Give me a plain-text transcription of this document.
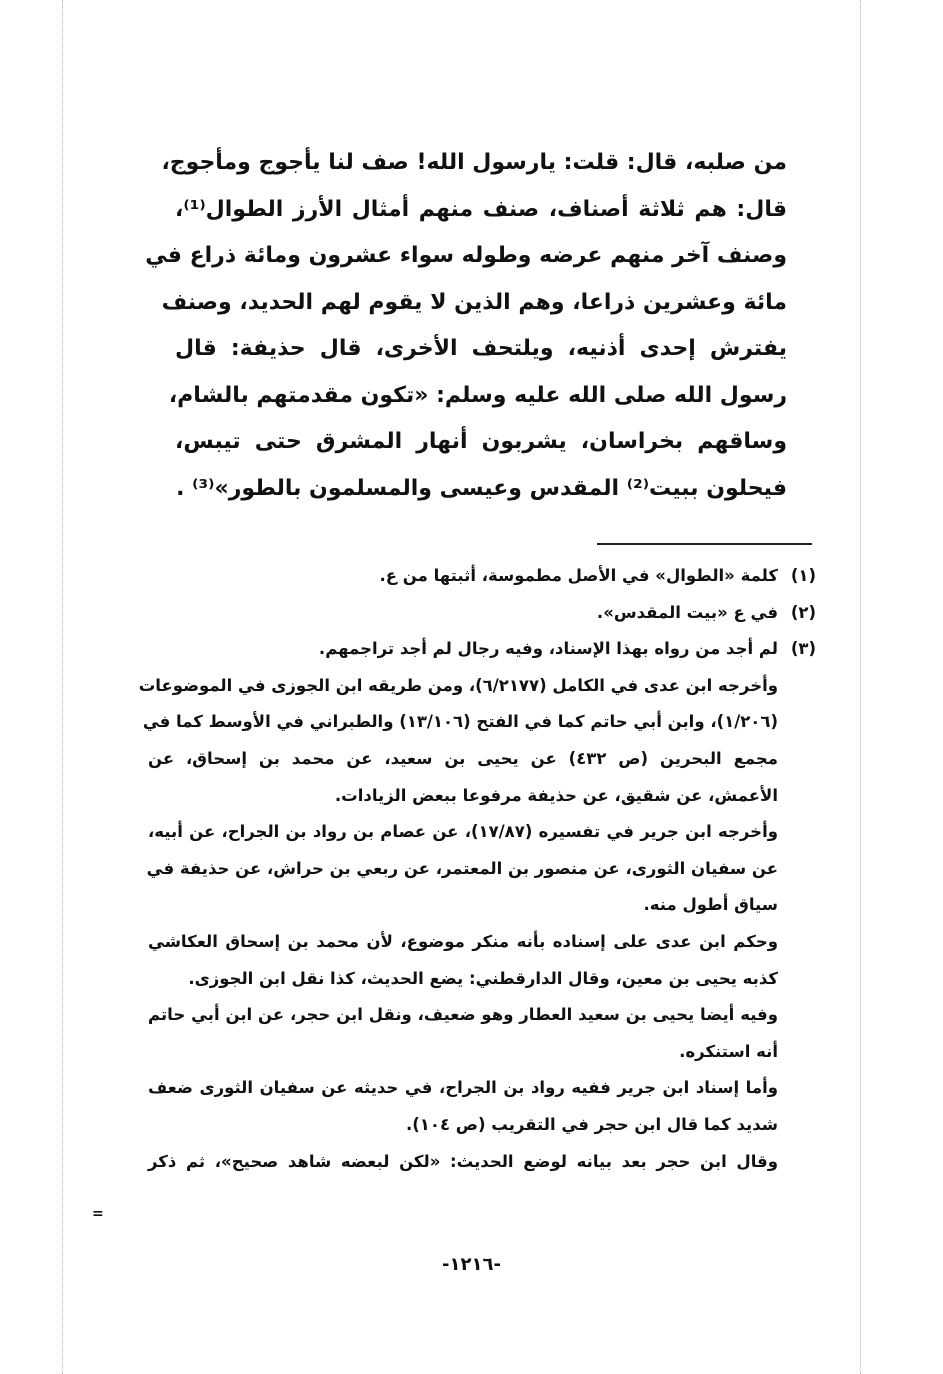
من صلبه، قال: قلت: يارسول الله! صف لنا يأجوج ومأجوج،
قال: هم ثلاثة أصناف، صنف منهم أمثال الأرز الطوال⁽¹⁾،
وصنف آخر منهم عرضه وطوله سواء عشرون ومائة ذراع في
مائة وعشرين ذراعا، وهم الذين لا يقوم لهم الحديد، وصنف
يفترش إحدى أذنيه، ويلتحف الأخرى، قال حذيفة: قال
رسول الله صلى الله عليه وسلم: «تكون مقدمتهم بالشام،
وساقهم بخراسان، يشربون أنهار المشرق حتى تيبس،
فيحلون ببيت⁽²⁾ المقدس وعيسى والمسلمون بالطور»⁽³⁾ .
(١)كلمة «الطوال» في الأصل مطموسة، أثبتها من ع.
(٢)في ع «بيت المقدس».
(٣)لم أجد من رواه بهذا الإسناد، وفيه رجال لم أجد تراجمهم.
وأخرجه ابن عدى في الكامل (٦/٢١٧٧)، ومن طريقه ابن الجوزى في الموضوعات
(١/٢٠٦)، وابن أبي حاتم كما في الفتح (١٣/١٠٦) والطبراني في الأوسط كما في
مجمع البحرين (ص ٤٣٢) عن يحيى بن سعيد، عن محمد بن إسحاق، عن
الأعمش، عن شقيق، عن حذيفة مرفوعا ببعض الزيادات.
وأخرجه ابن جرير في تفسيره (١٧/٨٧)، عن عصام بن رواد بن الجراح، عن أبيه،
عن سفيان الثورى، عن منصور بن المعتمر، عن ربعي بن حراش، عن حذيفة في
سياق أطول منه.
وحكم ابن عدى على إسناده بأنه منكر موضوع، لأن محمد بن إسحاق العكاشي
كذبه يحيى بن معين، وقال الدارقطني: يضع الحديث، كذا نقل ابن الجوزى.
وفيه أيضا يحيى بن سعيد العطار وهو ضعيف، ونقل ابن حجر، عن ابن أبي حاتم
أنه استنكره.
وأما إسناد ابن جرير ففيه رواد بن الجراح، في حديثه عن سفيان الثورى ضعف
شديد كما قال ابن حجر في التقريب (ص ١٠٤).
وقال ابن حجر بعد بيانه لوضع الحديث: «لكن لبعضه شاهد صحيح»، ثم ذكر
=
-١٢١٦-
